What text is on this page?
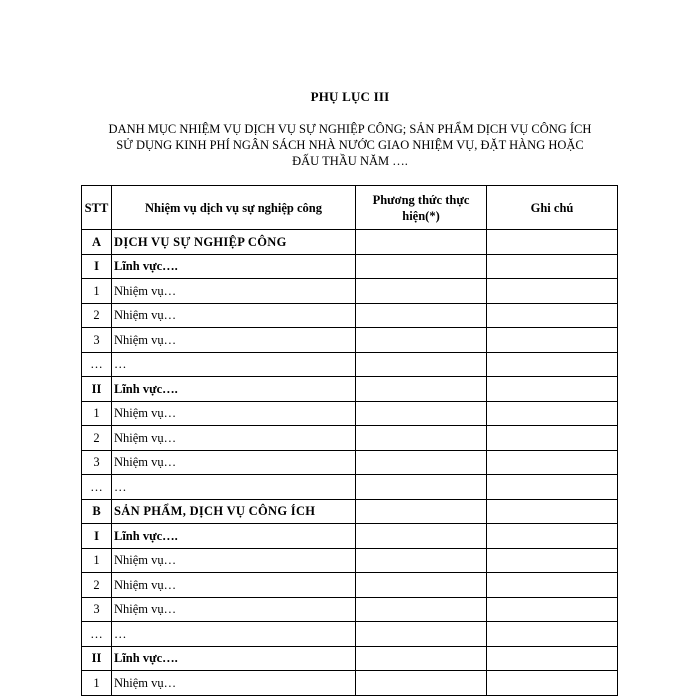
PHỤ LỤC III
DANH MỤC NHIỆM VỤ DỊCH VỤ SỰ NGHIỆP CÔNG; SẢN PHẨM DỊCH VỤ CÔNG ÍCH
SỬ DỤNG KINH PHÍ NGÂN SÁCH NHÀ NƯỚC GIAO NHIỆM VỤ, ĐẶT HÀNG HOẶC
ĐẤU THẦU NĂM ….
STT	Nhiệm vụ dịch vụ sự nghiệp công	Phương thức thực hiện(*)	Ghi chú
A	DỊCH VỤ SỰ NGHIỆP CÔNG		
I	Lĩnh vực….		
1	Nhiệm vụ…		
2	Nhiệm vụ…		
3	Nhiệm vụ…		
…	…		
II	Lĩnh vực….		
1	Nhiệm vụ…		
2	Nhiệm vụ…		
3	Nhiệm vụ…		
…	…		
B	SẢN PHẨM, DỊCH VỤ CÔNG ÍCH		
I	Lĩnh vực….		
1	Nhiệm vụ…		
2	Nhiệm vụ…		
3	Nhiệm vụ…		
…	…		
II	Lĩnh vực….		
1	Nhiệm vụ…		
